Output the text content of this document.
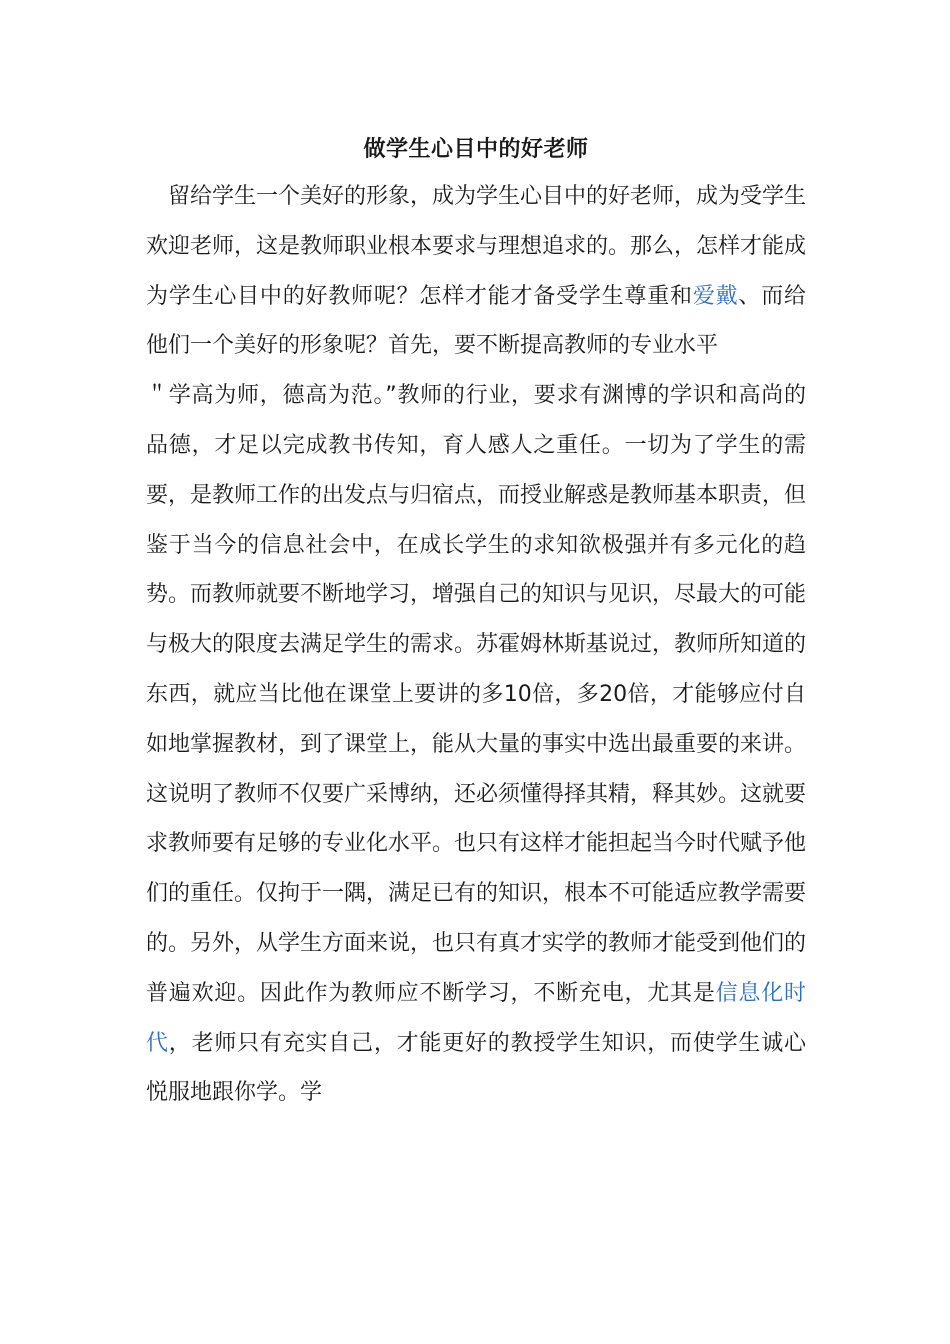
做学生心目中的好老师

留给学生一个美好的形象，成为学生心目中的好老师，成为受学生欢迎老师，这是教师职业根本要求与理想追求的。那么，怎样才能成为学生心目中的好教师呢？怎样才能才备受学生尊重和爱戴、而给他们一个美好的形象呢？首先，要不断提高教师的专业水平

＂学高为师，德高为范。”教师的行业，要求有渊博的学识和高尚的品德，才足以完成教书传知，育人感人之重任。一切为了学生的需要，是教师工作的出发点与归宿点，而授业解惑是教师基本职责，但鉴于当今的信息社会中，在成长学生的求知欲极强并有多元化的趋势。而教师就要不断地学习，增强自己的知识与见识，尽最大的可能与极大的限度去满足学生的需求。苏霍姆林斯基说过，教师所知道的东西，就应当比他在课堂上要讲的多10倍，多20倍，才能够应付自如地掌握教材，到了课堂上，能从大量的事实中选出最重要的来讲。这说明了教师不仅要广采博纳，还必须懂得择其精，释其妙。这就要求教师要有足够的专业化水平。也只有这样才能担起当今时代赋予他们的重任。仅拘于一隅，满足已有的知识，根本不可能适应教学需要的。另外，从学生方面来说，也只有真才实学的教师才能受到他们的普遍欢迎。因此作为教师应不断学习，不断充电，尤其是信息化时代，老师只有充实自己，才能更好的教授学生知识，而使学生诚心悦服地跟你学。学
